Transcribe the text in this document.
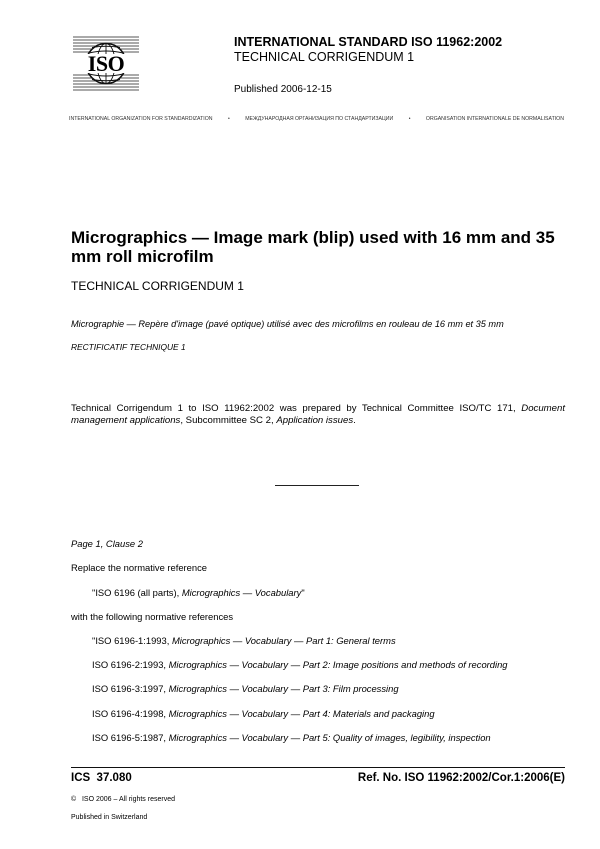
ISO
INTERNATIONAL STANDARD ISO 11962:2002
TECHNICAL CORRIGENDUM 1
Published 2006-12-15
INTERNATIONAL ORGANIZATION FOR STANDARDIZATION	•	МЕЖДУНАРОДНАЯ ОРГАНИЗАЦИЯ ПО СТАНДАРТИЗАЦИИ	•	ORGANISATION INTERNATIONALE DE NORMALISATION
Micrographics — Image mark (blip) used with 16 mm and 35 mm roll microfilm
TECHNICAL CORRIGENDUM 1
Micrographie — Repère d'image (pavé optique) utilisé avec des microfilms en rouleau de 16 mm et 35 mm
RECTIFICATIF TECHNIQUE 1
Technical Corrigendum 1 to ISO 11962:2002 was prepared by Technical Committee ISO/TC 171, Document management applications, Subcommittee SC 2, Application issues.
Page 1, Clause 2
Replace the normative reference
"ISO 6196 (all parts), Micrographics — Vocabulary"
with the following normative references
"ISO 6196-1:1993, Micrographics — Vocabulary — Part 1: General terms
ISO 6196-2:1993, Micrographics — Vocabulary — Part 2: Image positions and methods of recording
ISO 6196-3:1997, Micrographics — Vocabulary — Part 3: Film processing
ISO 6196-4:1998, Micrographics — Vocabulary — Part 4: Materials and packaging
ISO 6196-5:1987, Micrographics — Vocabulary — Part 5: Quality of images, legibility, inspection
ICS  37.080	Ref. No. ISO 11962:2002/Cor.1:2006(E)
©   ISO 2006 – All rights reserved
Published in Switzerland
